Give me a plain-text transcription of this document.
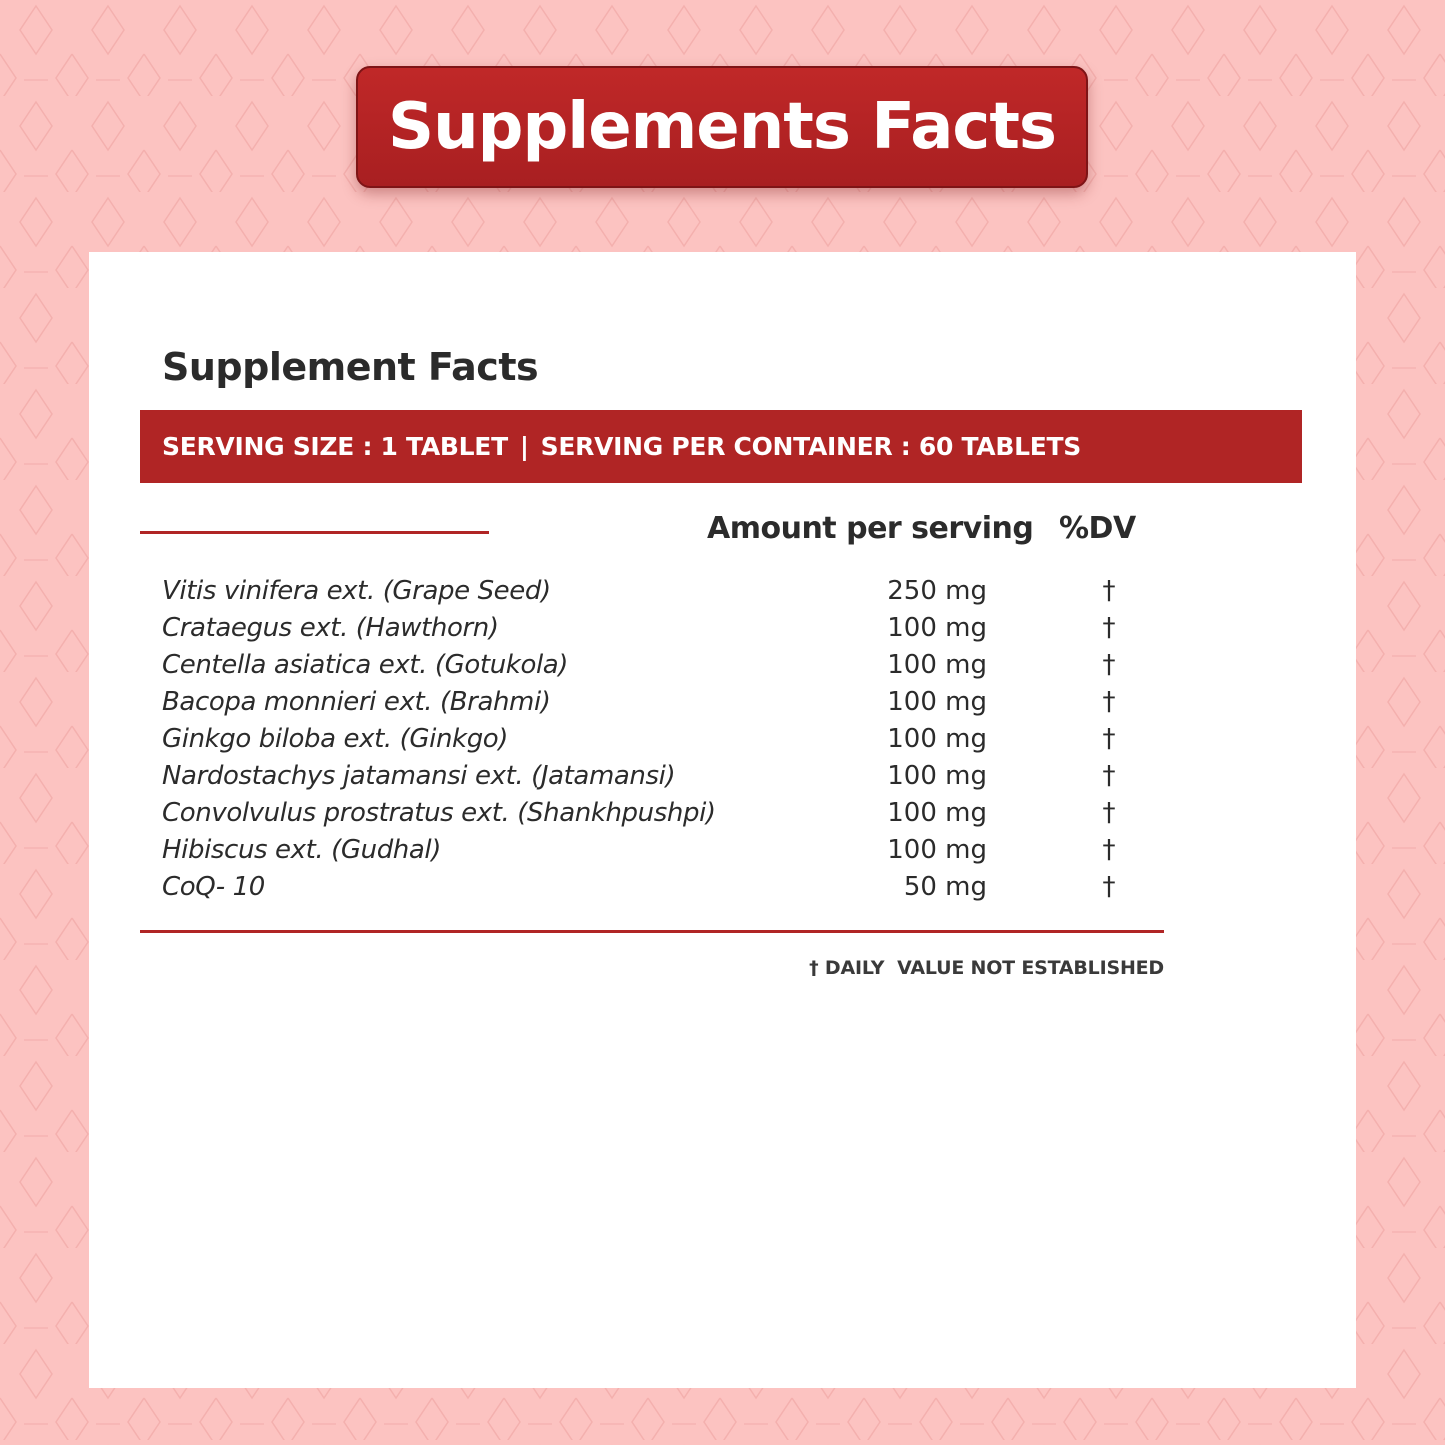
Supplements Facts
Supplement Facts
SERVING SIZE : 1 TABLET | SERVING PER CONTAINER : 60 TABLETS
Amount per serving %DV
Vitis vinifera ext. (Grape Seed)	250 mg	†
Crataegus ext. (Hawthorn)	100 mg	†
Centella asiatica ext. (Gotukola)	100 mg	†
Bacopa monnieri ext. (Brahmi)	100 mg	†
Ginkgo biloba ext. (Ginkgo)	100 mg	†
Nardostachys jatamansi ext. (Jatamansi)	100 mg	†
Convolvulus prostratus ext. (Shankhpushpi)	100 mg	†
Hibiscus ext. (Gudhal)	100 mg	†
CoQ- 10	50 mg	†
† DAILY  VALUE NOT ESTABLISHED
